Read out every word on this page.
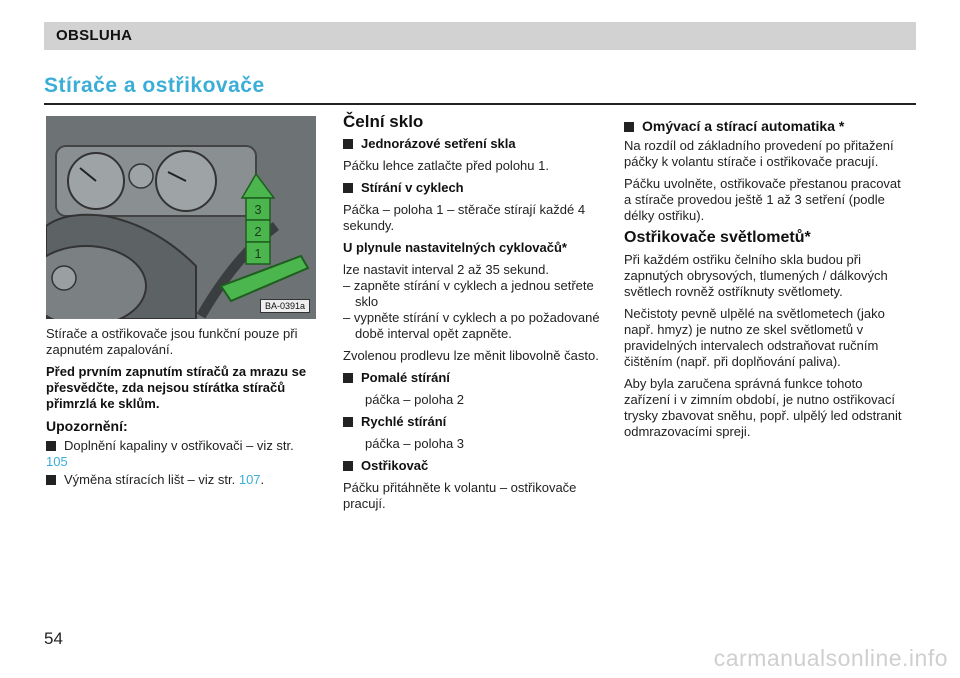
OBSLUHA
Stírače a ostřikovače
3
2
1
BA-0391a

Stírače a ostřikovače jsou funkční pouze při zapnutém zapalování.

Před prvním zapnutím stíračů za mrazu se přesvědčte, zda nejsou stírátka stíračů přimrzlá ke sklům.

Upozornění:

Doplnění kapaliny v ostřikovači – viz str. 105

Výměna stíracích lišt – viz str. 107.

Čelní sklo

Jednorázové setření skla

Páčku lehce zatlačte před polohu 1.

Stírání v cyklech

Páčka – poloha 1 – stěrače stírají každé 4 sekundy.

U plynule nastavitelných cyklovačů*

lze nastavit interval 2 až 35 sekund.

– zapněte stírání v cyklech a jednou setřete sklo

– vypněte stírání v cyklech a po požadované době interval opět zapněte.

Zvolenou prodlevu lze měnit libovolně často.

Pomalé stírání

páčka – poloha 2

Rychlé stírání

páčka – poloha 3

Ostřikovač

Páčku přitáhněte k volantu – ostřikovače pracují.

Omývací a stírací automatika *

Na rozdíl od základního provedení po přitažení páčky k volantu stírače i ostřikovače pracují.

Páčku uvolněte, ostřikovače přestanou pracovat a stírače provedou ještě 1 až 3 setření (podle délky ostřiku).

Ostřikovače světlometů*

Při každém ostřiku čelního skla budou při zapnutých obrysových, tlumených / dálkových světlech rovněž ostříknuty světlomety.

Nečistoty pevně ulpělé na světlometech (jako např. hmyz) je nutno ze skel světlometů v pravidelných intervalech odstraňovat ručním čištěním (např. při doplňování paliva).

Aby byla zaručena správná funkce tohoto zařízení i v zimním období, je nutno ostřikovací trysky zbavovat sněhu, popř. ulpělý led odstranit odmrazovacími spreji.

54
carmanualsonline.info
